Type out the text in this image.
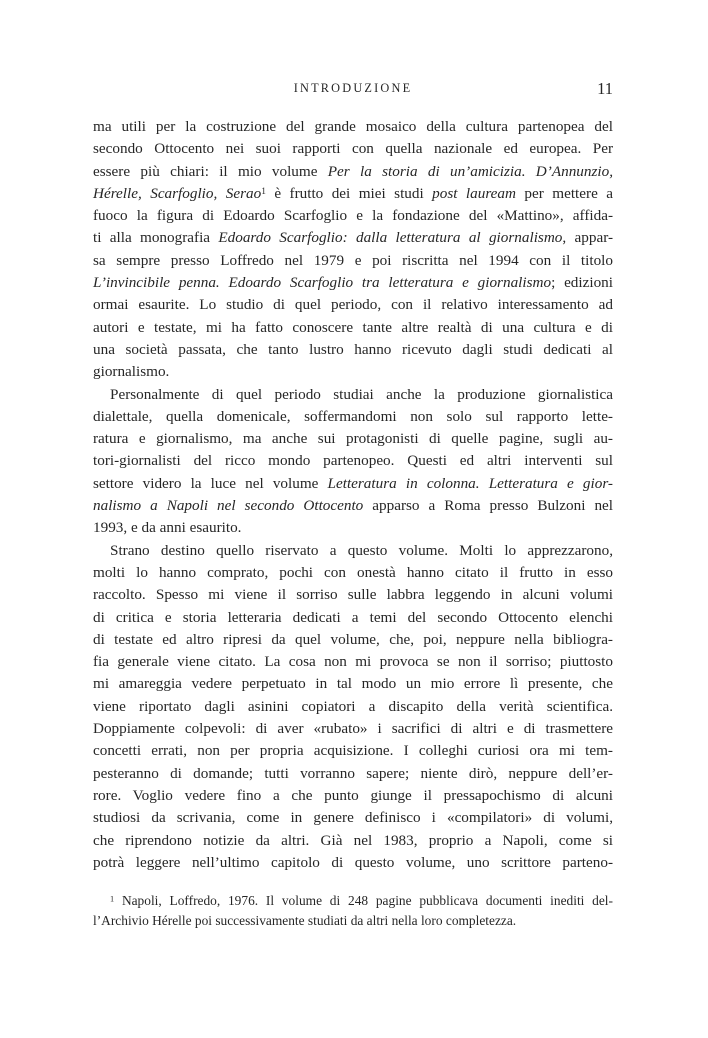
INTRODUZIONE	11
ma utili per la costruzione del grande mosaico della cultura partenopea del
secondo Ottocento nei suoi rapporti con quella nazionale ed europea. Per
essere più chiari: il mio volume Per la storia di un’amicizia. D’Annunzio,
Hérelle, Scarfoglio, Serao$^1$ è frutto dei miei studi post lauream per mettere a
fuoco la figura di Edoardo Scarfoglio e la fondazione del «Mattino», affida-
ti alla monografia Edoardo Scarfoglio: dalla letteratura al giornalismo, appar-
sa sempre presso Loffredo nel 1979 e poi riscritta nel 1994 con il titolo
L’invincibile penna. Edoardo Scarfoglio tra letteratura e giornalismo; edizioni
ormai esaurite. Lo studio di quel periodo, con il relativo interessamento ad
autori e testate, mi ha fatto conoscere tante altre realtà di una cultura e di
una società passata, che tanto lustro hanno ricevuto dagli studi dedicati al
giornalismo.
Personalmente di quel periodo studiai anche la produzione giornalistica
dialettale, quella domenicale, soffermandomi non solo sul rapporto lette-
ratura e giornalismo, ma anche sui protagonisti di quelle pagine, sugli au-
tori-giornalisti del ricco mondo partenopeo. Questi ed altri interventi sul
settore videro la luce nel volume Letteratura in colonna. Letteratura e gior-
nalismo a Napoli nel secondo Ottocento apparso a Roma presso Bulzoni nel
1993, e da anni esaurito.
Strano destino quello riservato a questo volume. Molti lo apprezzarono,
molti lo hanno comprato, pochi con onestà hanno citato il frutto in esso
raccolto. Spesso mi viene il sorriso sulle labbra leggendo in alcuni volumi
di critica e storia letteraria dedicati a temi del secondo Ottocento elenchi
di testate ed altro ripresi da quel volume, che, poi, neppure nella bibliogra-
fia generale viene citato. La cosa non mi provoca se non il sorriso; piuttosto
mi amareggia vedere perpetuato in tal modo un mio errore lì presente, che
viene riportato dagli asinini copiatori a discapito della verità scientifica.
Doppiamente colpevoli: di aver «rubato» i sacrifici di altri e di trasmettere
concetti errati, non per propria acquisizione. I colleghi curiosi ora mi tem-
pesteranno di domande; tutti vorranno sapere; niente dirò, neppure dell’er-
rore. Voglio vedere fino a che punto giunge il pressapochismo di alcuni
studiosi da scrivania, come in genere definisco i «compilatori» di volumi,
che riprendono notizie da altri. Già nel 1983, proprio a Napoli, come si
potrà leggere nell’ultimo capitolo di questo volume, uno scrittore parteno-
$^1$ Napoli, Loffredo, 1976. Il volume di 248 pagine pubblicava documenti inediti del-
l’Archivio Hérelle poi successivamente studiati da altri nella loro completezza.
